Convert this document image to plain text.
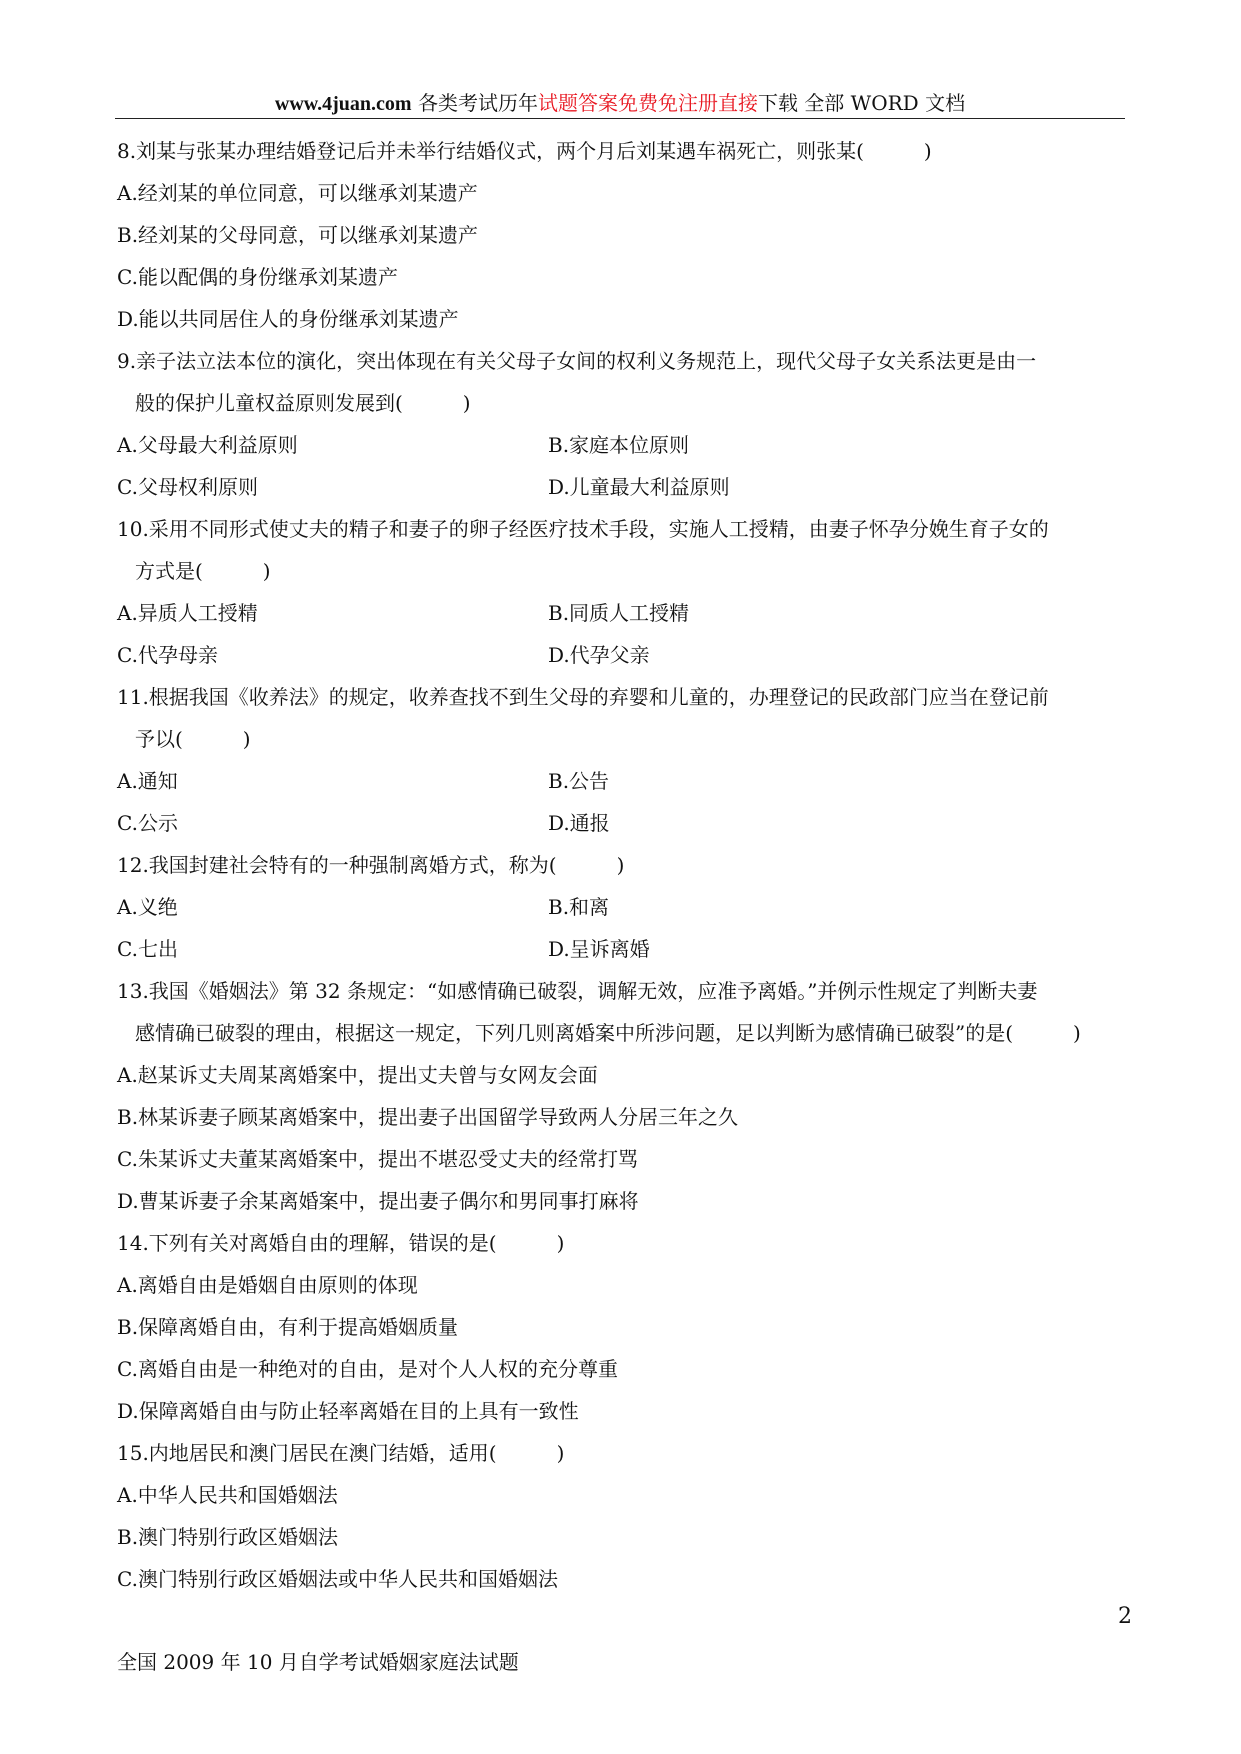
www.4juan.com 各类考试历年试题答案免费免注册直接下载 全部 WORD 文档
8.刘某与张某办理结婚登记后并未举行结婚仪式，两个月后刘某遇车祸死亡，则张某(　　　)
A.经刘某的单位同意，可以继承刘某遗产
B.经刘某的父母同意，可以继承刘某遗产
C.能以配偶的身份继承刘某遗产
D.能以共同居住人的身份继承刘某遗产
9.亲子法立法本位的演化，突出体现在有关父母子女间的权利义务规范上，现代父母子女关系法更是由一
般的保护儿童权益原则发展到(　　　)
A.父母最大利益原则	B.家庭本位原则
C.父母权利原则	D.儿童最大利益原则
10.采用不同形式使丈夫的精子和妻子的卵子经医疗技术手段，实施人工授精，由妻子怀孕分娩生育子女的
方式是(　　　)
A.异质人工授精	B.同质人工授精
C.代孕母亲	D.代孕父亲
11.根据我国《收养法》的规定，收养查找不到生父母的弃婴和儿童的，办理登记的民政部门应当在登记前
予以(　　　)
A.通知	B.公告
C.公示	D.通报
12.我国封建社会特有的一种强制离婚方式，称为(　　　)
A.义绝	B.和离
C.七出	D.呈诉离婚
13.我国《婚姻法》第 32 条规定：“如感情确已破裂，调解无效，应准予离婚。”并例示性规定了判断夫妻
感情确已破裂的理由，根据这一规定，下列几则离婚案中所涉问题，足以判断为感情确已破裂”的是(　　　)
A.赵某诉丈夫周某离婚案中，提出丈夫曾与女网友会面
B.林某诉妻子顾某离婚案中，提出妻子出国留学导致两人分居三年之久
C.朱某诉丈夫董某离婚案中，提出不堪忍受丈夫的经常打骂
D.曹某诉妻子余某离婚案中，提出妻子偶尔和男同事打麻将
14.下列有关对离婚自由的理解，错误的是(　　　)
A.离婚自由是婚姻自由原则的体现
B.保障离婚自由，有利于提高婚姻质量
C.离婚自由是一种绝对的自由，是对个人人权的充分尊重
D.保障离婚自由与防止轻率离婚在目的上具有一致性
15.内地居民和澳门居民在澳门结婚，适用(　　　)
A.中华人民共和国婚姻法
B.澳门特别行政区婚姻法
C.澳门特别行政区婚姻法或中华人民共和国婚姻法
2
全国 2009 年 10 月自学考试婚姻家庭法试题
